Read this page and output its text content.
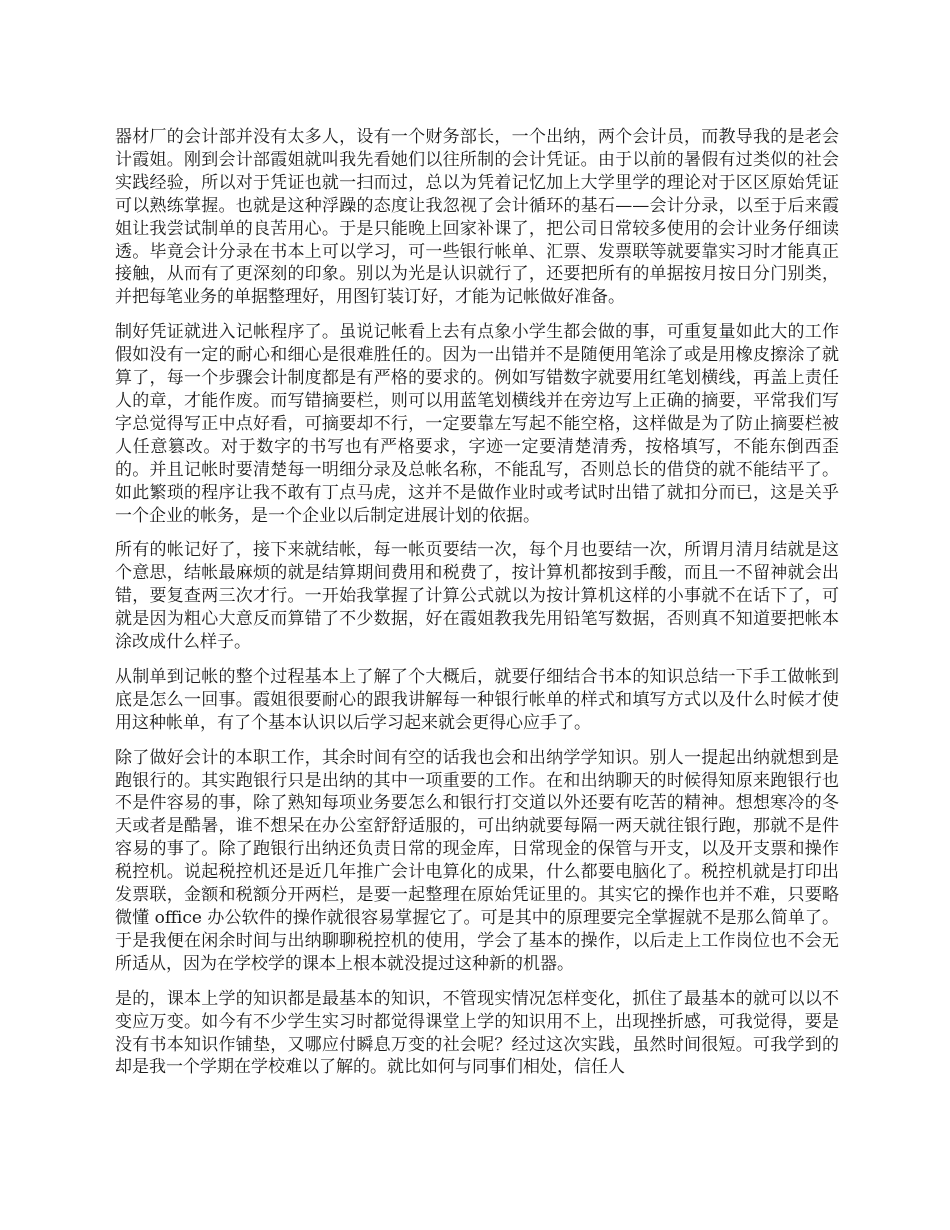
器材厂的会计部并没有太多人，设有一个财务部长，一个出纳，两个会计员，而教导我的是老会计霞姐。刚到会计部霞姐就叫我先看她们以往所制的会计凭证。由于以前的暑假有过类似的社会实践经验，所以对于凭证也就一扫而过，总以为凭着记忆加上大学里学的理论对于区区原始凭证可以熟练掌握。也就是这种浮躁的态度让我忽视了会计循环的基石——会计分录，以至于后来霞姐让我尝试制单的良苦用心。于是只能晚上回家补课了，把公司日常较多使用的会计业务仔细读透。毕竟会计分录在书本上可以学习，可一些银行帐单、汇票、发票联等就要靠实习时才能真正接触，从而有了更深刻的印象。别以为光是认识就行了，还要把所有的单据按月按日分门别类，并把每笔业务的单据整理好，用图钉装订好，才能为记帐做好准备。

制好凭证就进入记帐程序了。虽说记帐看上去有点象小学生都会做的事，可重复量如此大的工作假如没有一定的耐心和细心是很难胜任的。因为一出错并不是随便用笔涂了或是用橡皮擦涂了就算了，每一个步骤会计制度都是有严格的要求的。例如写错数字就要用红笔划横线，再盖上责任人的章，才能作废。而写错摘要栏，则可以用蓝笔划横线并在旁边写上正确的摘要，平常我们写字总觉得写正中点好看，可摘要却不行，一定要靠左写起不能空格，这样做是为了防止摘要栏被人任意篡改。对于数字的书写也有严格要求，字迹一定要清楚清秀，按格填写，不能东倒西歪的。并且记帐时要清楚每一明细分录及总帐名称，不能乱写，否则总长的借贷的就不能结平了。如此繁琐的程序让我不敢有丁点马虎，这并不是做作业时或考试时出错了就扣分而已，这是关乎一个企业的帐务，是一个企业以后制定进展计划的依据。

所有的帐记好了，接下来就结帐，每一帐页要结一次，每个月也要结一次，所谓月清月结就是这个意思，结帐最麻烦的就是结算期间费用和税费了，按计算机都按到手酸，而且一不留神就会出错，要复查两三次才行。一开始我掌握了计算公式就以为按计算机这样的小事就不在话下了，可就是因为粗心大意反而算错了不少数据，好在霞姐教我先用铅笔写数据，否则真不知道要把帐本涂改成什么样子。

从制单到记帐的整个过程基本上了解了个大概后，就要仔细结合书本的知识总结一下手工做帐到底是怎么一回事。霞姐很要耐心的跟我讲解每一种银行帐单的样式和填写方式以及什么时候才使用这种帐单，有了个基本认识以后学习起来就会更得心应手了。

除了做好会计的本职工作，其余时间有空的话我也会和出纳学学知识。别人一提起出纳就想到是跑银行的。其实跑银行只是出纳的其中一项重要的工作。在和出纳聊天的时候得知原来跑银行也不是件容易的事，除了熟知每项业务要怎么和银行打交道以外还要有吃苦的精神。想想寒冷的冬天或者是酷暑，谁不想呆在办公室舒舒适服的，可出纳就要每隔一两天就往银行跑，那就不是件容易的事了。除了跑银行出纳还负责日常的现金库，日常现金的保管与开支，以及开支票和操作税控机。说起税控机还是近几年推广会计电算化的成果，什么都要电脑化了。税控机就是打印出发票联，金额和税额分开两栏，是要一起整理在原始凭证里的。其实它的操作也并不难，只要略微懂 office 办公软件的操作就很容易掌握它了。可是其中的原理要完全掌握就不是那么简单了。于是我便在闲余时间与出纳聊聊税控机的使用，学会了基本的操作，以后走上工作岗位也不会无所适从，因为在学校学的课本上根本就没提过这种新的机器。

是的，课本上学的知识都是最基本的知识，不管现实情况怎样变化，抓住了最基本的就可以以不变应万变。如今有不少学生实习时都觉得课堂上学的知识用不上，出现挫折感，可我觉得，要是没有书本知识作铺垫，又哪应付瞬息万变的社会呢？经过这次实践，虽然时间很短。可我学到的却是我一个学期在学校难以了解的。就比如何与同事们相处，信任人
